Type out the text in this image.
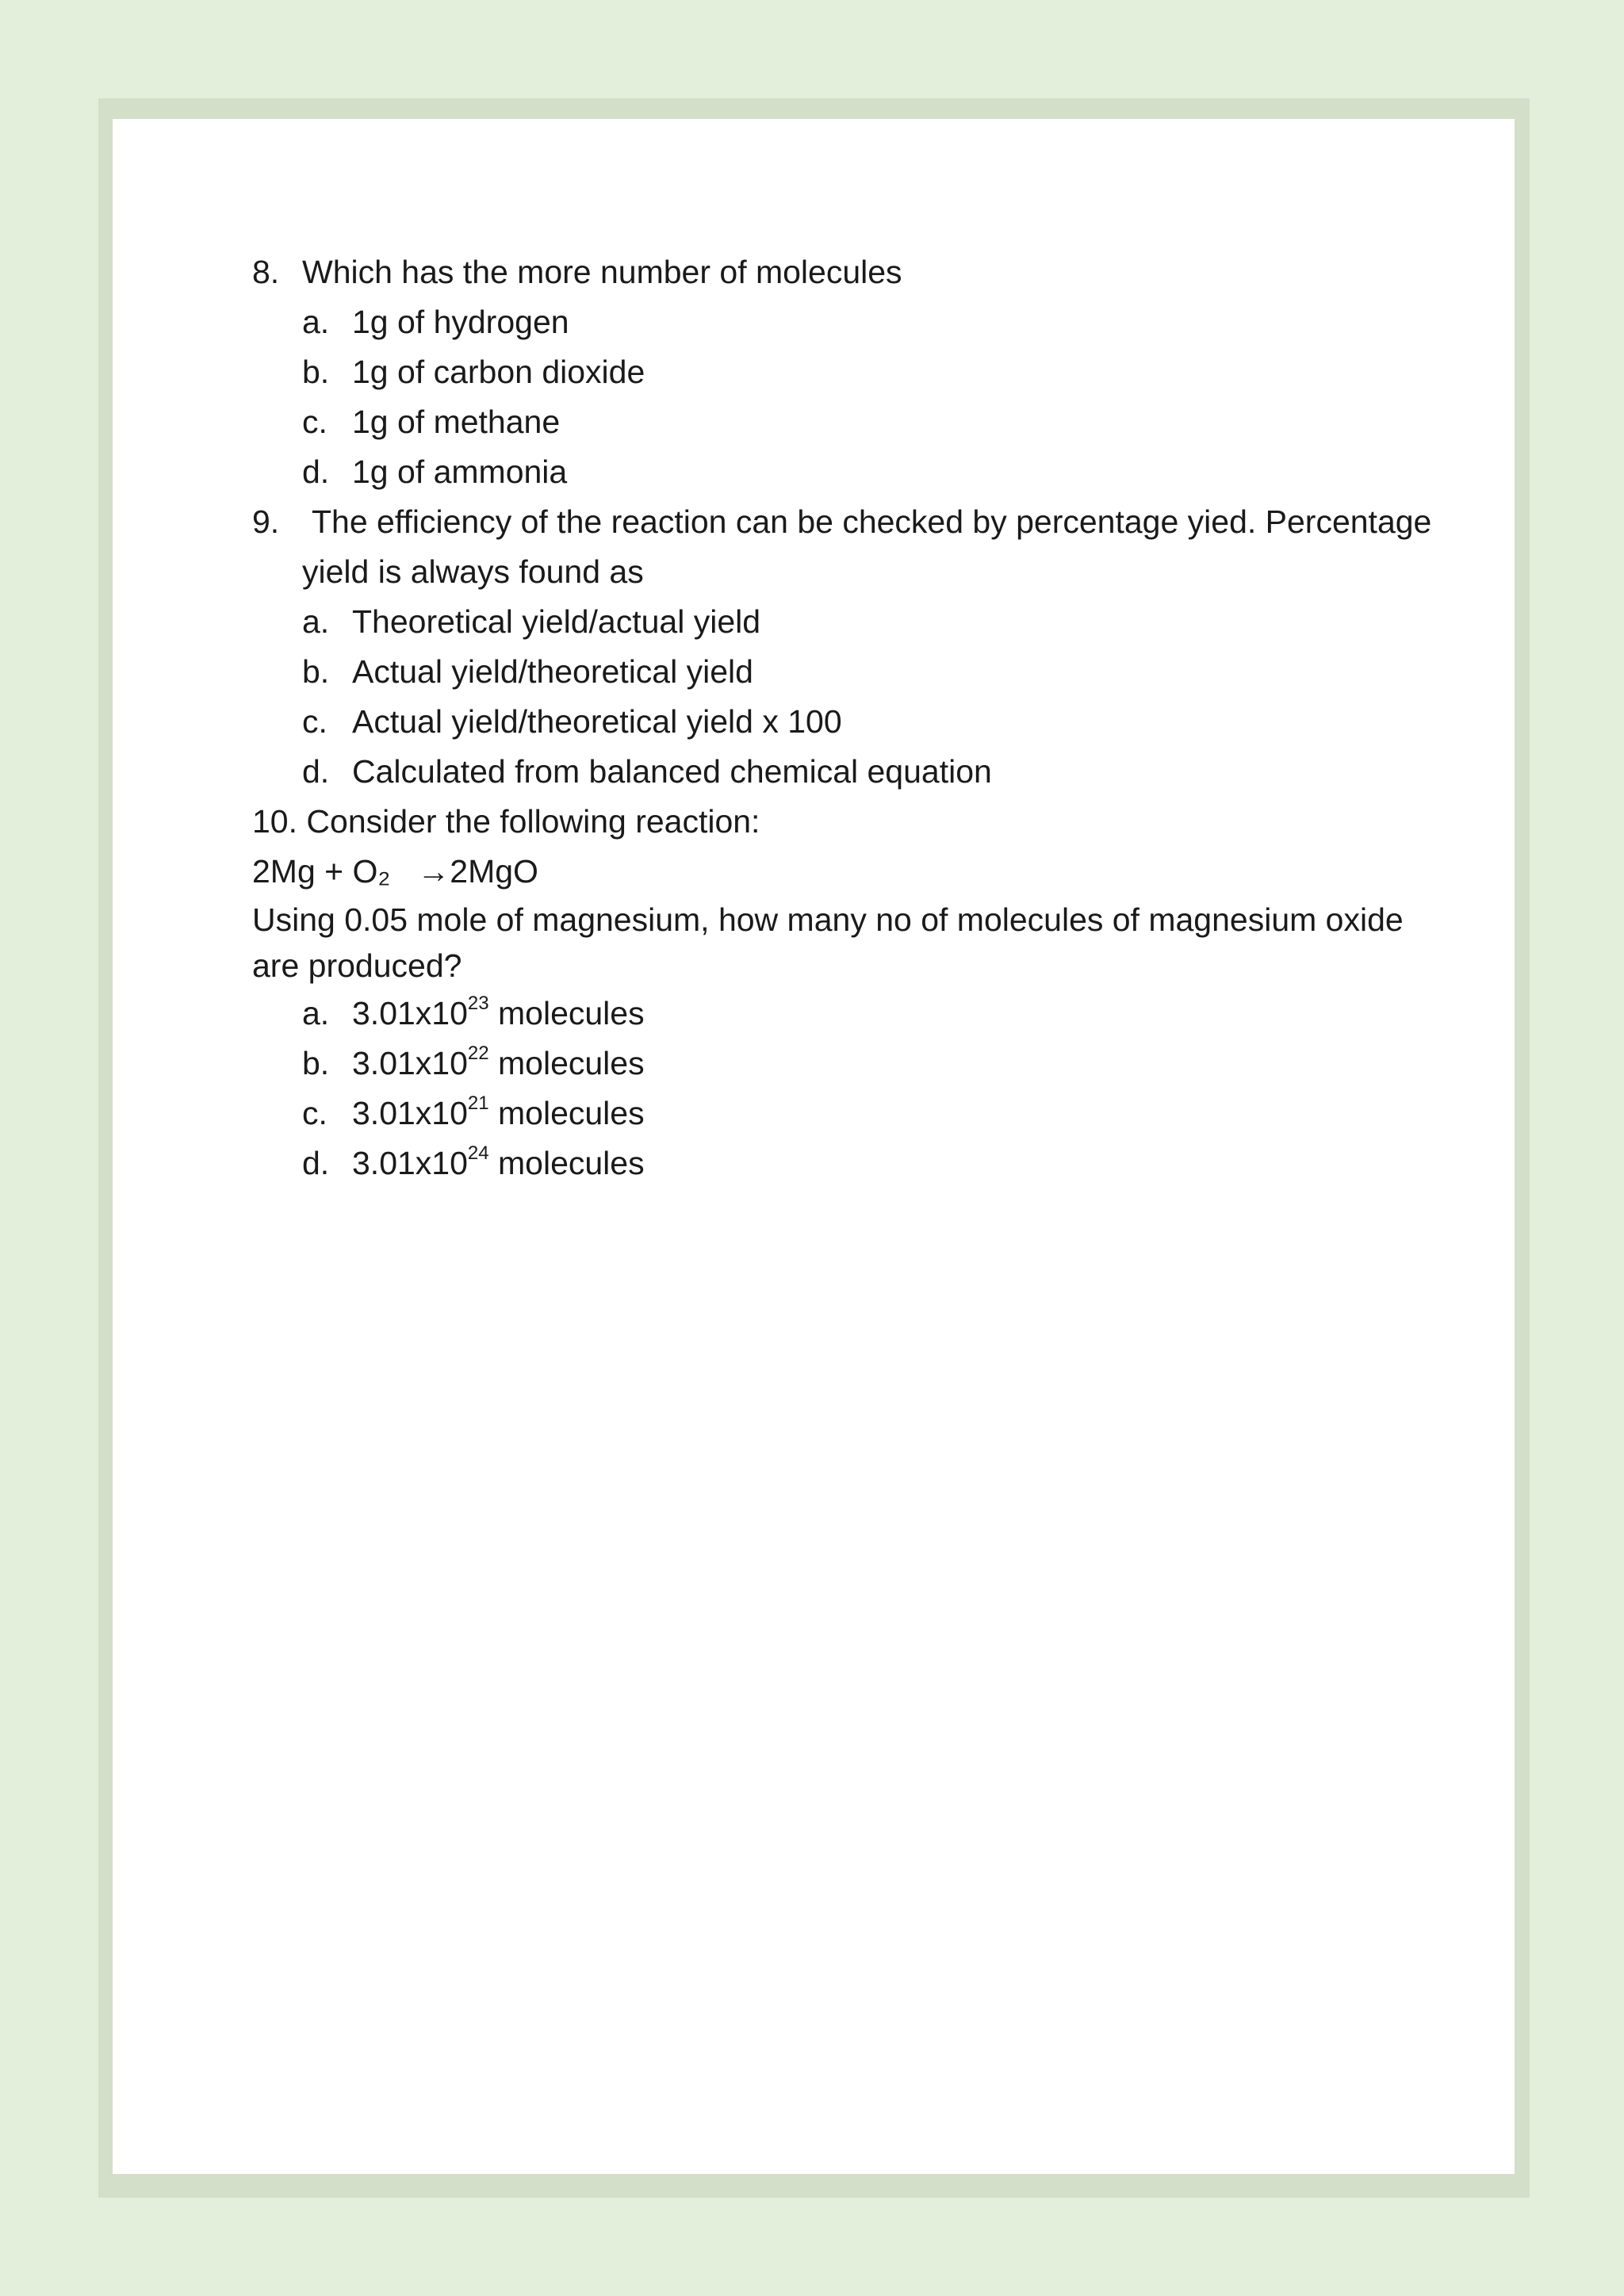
8. Which has the more number of molecules
a. 1g of hydrogen
b. 1g of carbon dioxide
c. 1g of methane
d. 1g of ammonia
9. The efficiency of the reaction can be checked by percentage yied. Percentage
yield is always found as
a. Theoretical yield/actual yield
b. Actual yield/theoretical yield
c. Actual yield/theoretical yield x 100
d. Calculated from balanced chemical equation
10. Consider the following reaction:
2Mg + O₂ →2MgO
Using 0.05 mole of magnesium, how many no of molecules of magnesium oxide are produced?
a. $3.01x10^{23}$ molecules
b. $3.01x10^{22}$ molecules
c. $3.01x10^{21}$ molecules
d. $3.01x10^{24}$ molecules
